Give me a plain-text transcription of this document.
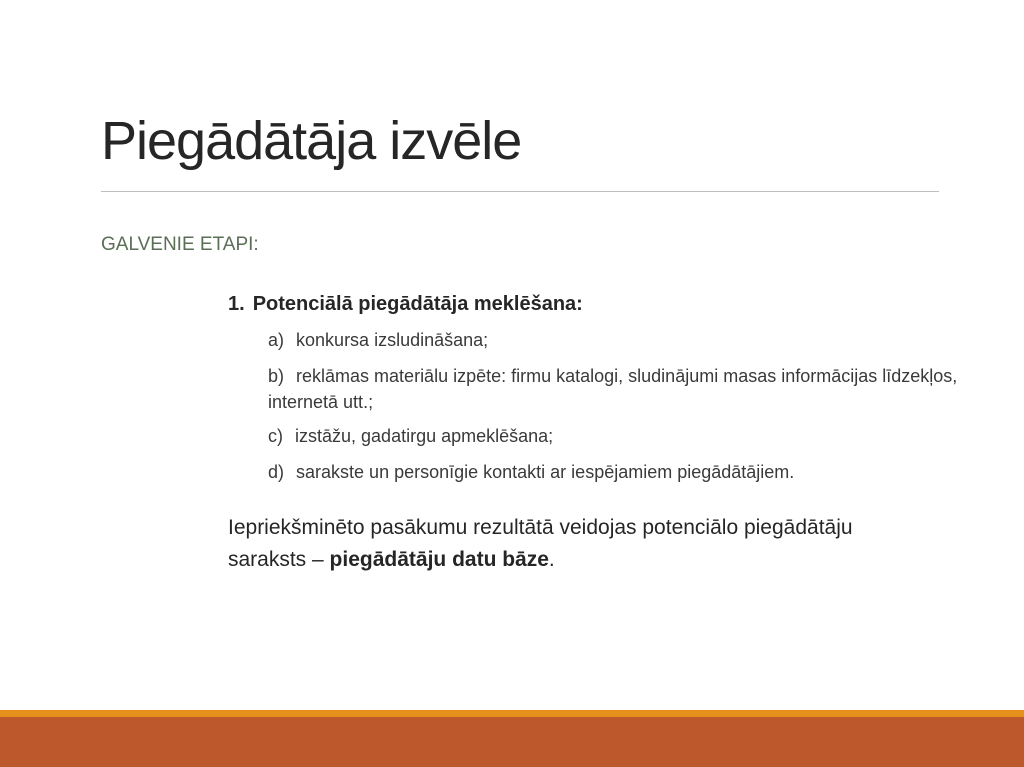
Piegādātāja izvēle

GALVENIE ETAPI:

1. Potenciālā piegādātāja meklēšana:

a) konkursa izsludināšana;
b) reklāmas materiālu izpēte: firmu katalogi, sludinājumi masas informācijas līdzekļos, internetā utt.;
c) izstāžu, gadatirgu apmeklēšana;
d) sarakste un personīgie kontakti ar iespējamiem piegādātājiem.

Iepriekšminēto pasākumu rezultātā veidojas potenciālo piegādātāju saraksts – piegādātāju datu bāze.
